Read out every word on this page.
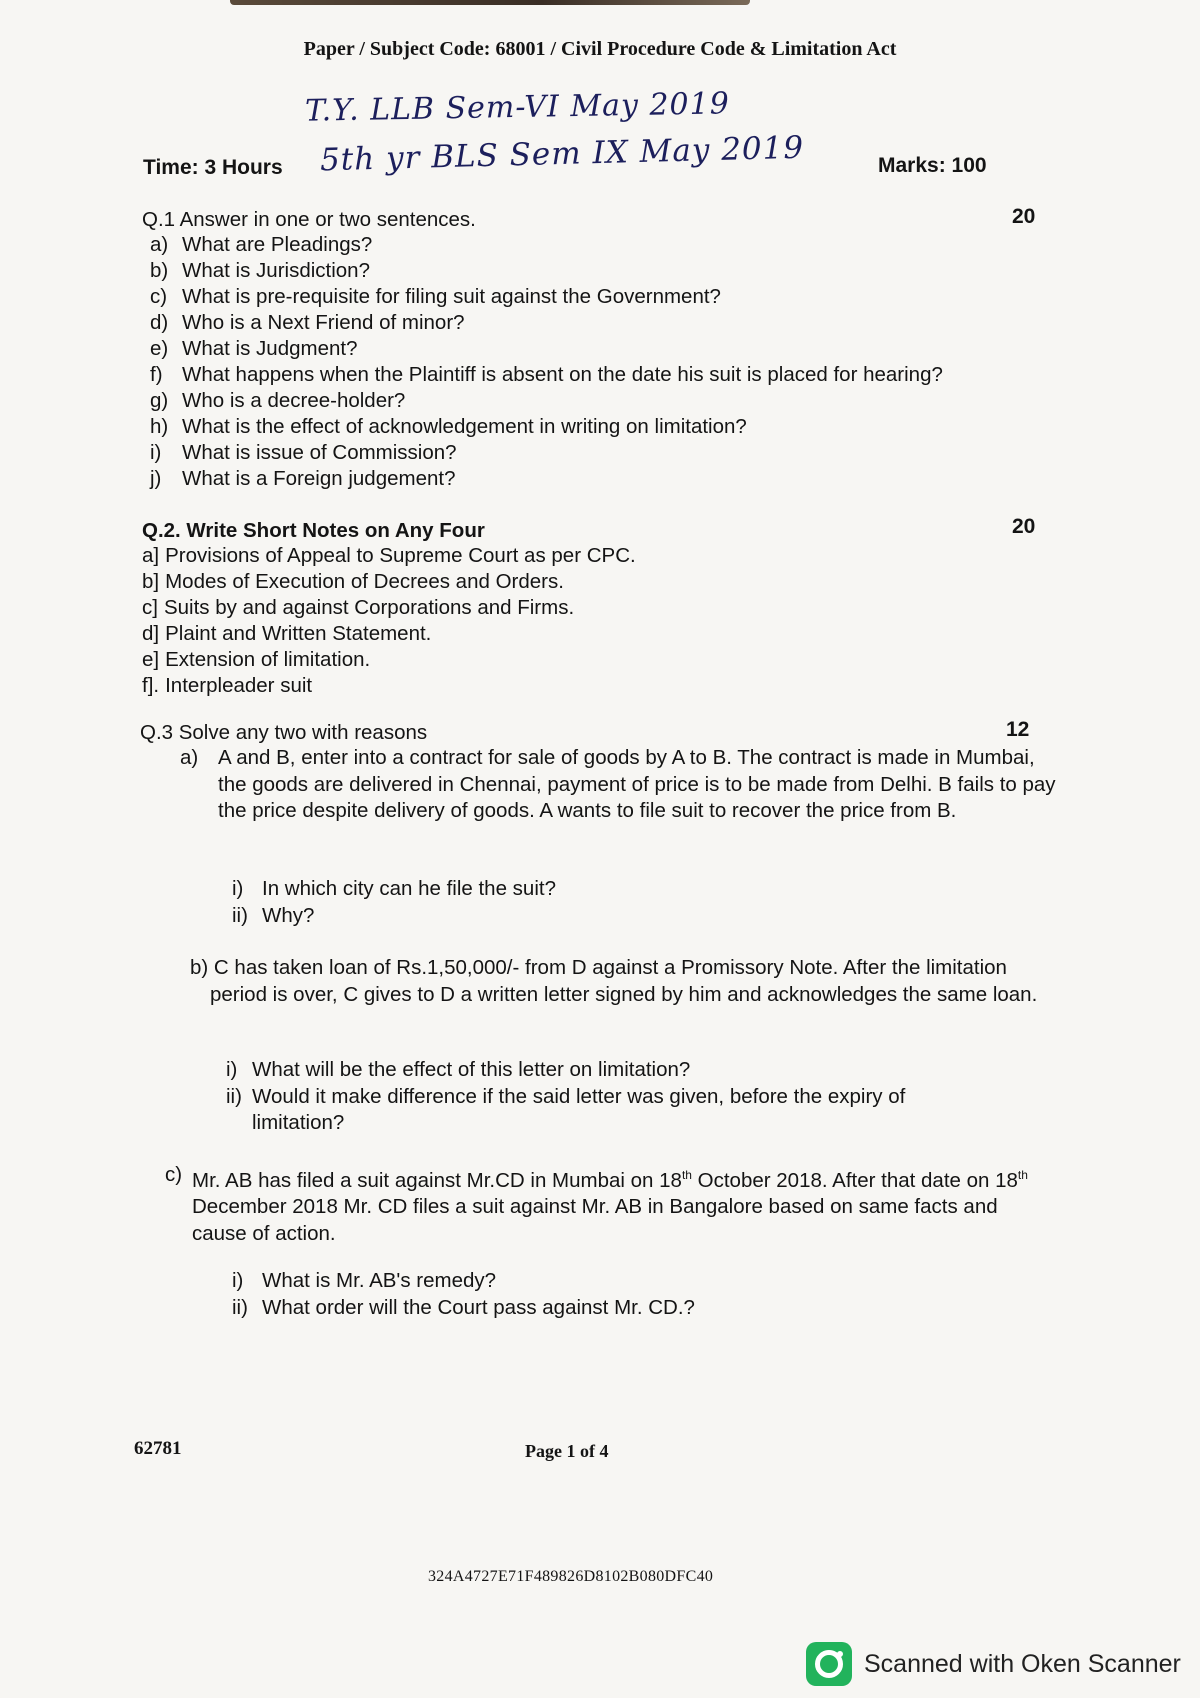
Paper / Subject Code: 68001 / Civil Procedure Code & Limitation Act
T.Y. LLB Sem-VI May 2019
5th yr BLS Sem IX May 2019
Time: 3 Hours	Marks: 100
Q.1 Answer in one or two sentences.	20
a) What are Pleadings?
b) What is Jurisdiction?
c) What is pre-requisite for filing suit against the Government?
d) Who is a Next Friend of minor?
e) What is Judgment?
f) What happens when the Plaintiff is absent on the date his suit is placed for hearing?
g) Who is a decree-holder?
h) What is the effect of acknowledgement in writing on limitation?
i)	What is issue of Commission?
j)	What is a Foreign judgement?
Q.2. Write Short Notes on Any Four	20
a] Provisions of Appeal to Supreme Court as per CPC.
b] Modes of Execution of Decrees and Orders.
c] Suits by and against Corporations and Firms.
d] Plaint and Written Statement.
e] Extension of limitation.
f]. Interpleader suit
Q.3 Solve any two with reasons	12
a) A and B, enter into a contract for sale of goods by A to B. The contract is made in Mumbai, the goods are delivered in Chennai, payment of price is to be made from Delhi. B fails to pay the price despite delivery of goods. A wants to file suit to recover the price from B.
i) In which city can he file the suit?
ii) Why?
b) C has taken loan of Rs.1,50,000/- from D against a Promissory Note. After the limitation period is over, C gives to D a written letter signed by him and acknowledges the same loan.
i) What will be the effect of this letter on limitation?
ii) Would it make difference if the said letter was given, before the expiry of limitation?
c) Mr. AB has filed a suit against Mr.CD in Mumbai on 18th October 2018. After that date on 18th December 2018 Mr. CD files a suit against Mr. AB in Bangalore based on same facts and cause of action.
i) What is Mr. AB's remedy?
ii) What order will the Court pass against Mr. CD.?
62781	Page 1 of 4
324A4727E71F489826D8102B080DFC40
Scanned with Oken Scanner
